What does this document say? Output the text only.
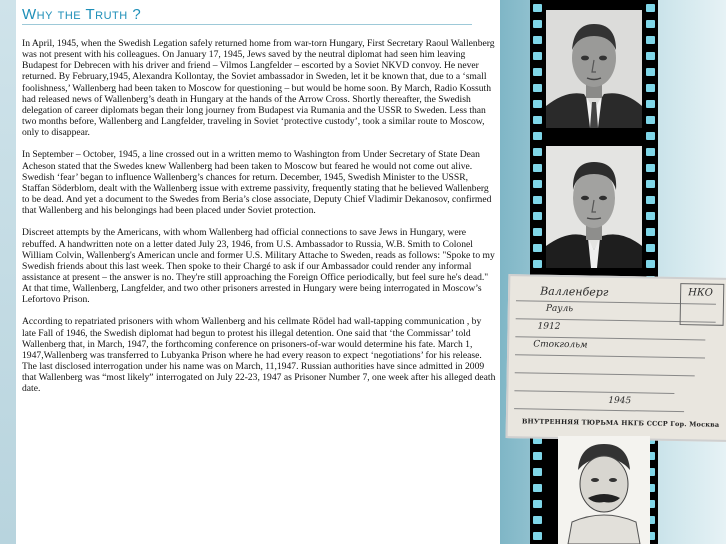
Why the Truth ?

In April, 1945, when the Swedish Legation safely returned home from war-torn Hungary, First Secretary Raoul Wallenberg was not present with his colleagues. On January 17, 1945, Jews saved by the neutral diplomat had seen him leaving Budapest for Debrecen with his driver and friend – Vilmos Langfelder – escorted by a Soviet NKVD convoy. He never returned. By February,1945, Alexandra Kollontay, the Soviet ambassador in Sweden, let it be known that, due to a ‘small foolishness,’ Wallenberg had been taken to Moscow for questioning – but would be home soon. By March, Radio Kossuth had released news of Wallenberg’s death in Hungary at the hands of the Arrow Cross. Shortly thereafter, the Swedish delegation of career diplomats began their long journey from Budapest via Rumania and the USSR to Sweden. Less than two months before, Wallenberg and Langfelder, traveling in Soviet ‘protective custody’, took a similar route to Moscow, only to disappear.

In September – October, 1945, a line crossed out in a written memo to Washington from Under Secretary of State Dean Acheson stated that the Swedes knew Wallenberg had been taken to Moscow but feared he would not come out alive. Swedish ‘fear’ began to influence Wallenberg’s chances for return. December, 1945, Swedish Minister to the USSR, Staffan Söderblom, dealt with the Wallenberg issue with extreme passivity, frequently stating that he believed Wallenberg to be dead. And yet a document to the Swedes from Beria’s close associate, Deputy Chief Vladimir Dekanosov, confirmed that Wallenberg and his belongings had been placed under Soviet protection.

Discreet attempts by the Americans, with whom Wallenberg had official connections to save Jews in Hungary, were rebuffed. A handwritten note on a letter dated July 23, 1946, from U.S. Ambassador to Russia, W.B. Smith to Colonel William Colvin, Wallenberg's American uncle and former U.S. Military Attache to Sweden, reads as follows: "Spoke to my Swedish friends about this last week. Then spoke to their Chargé to ask if our Ambassador could render any informal assistance at present – the answer is no. They're still approaching the Foreign Office periodically, but feel sure he's dead." At that time, Wallenberg, Langfelder, and two other prisoners arrested in Hungary were being interrogated in Moscow’s Lefortovo Prison.

According to repatriated prisoners with whom Wallenberg and his cellmate Rödel had wall-tapping communication , by late Fall of 1946, the Swedish diplomat had begun to protest his illegal detention. One said that ‘the Commissar’ told Wallenberg that, in March, 1947, the forthcoming conference on prisoners-of-war would determine his fate. March 1, 1947,Wallenberg was transferred to Lubyanka Prison where he had every reason to expect ‘negotiations’ for his release. The last disclosed interrogation under his name was on March, 11,1947. Russian authorities have since admitted in 2009 that Wallenberg was “most likely” interrogated on July 22-23, 1947 as Prisoner Number 7, one week after his alleged death date.

Валленберг
Рауль
НКО
1912
Стокгольм
1945
ВНУТРЕННЯЯ ТЮРЬМА НКГБ СССР Гор. Москва
